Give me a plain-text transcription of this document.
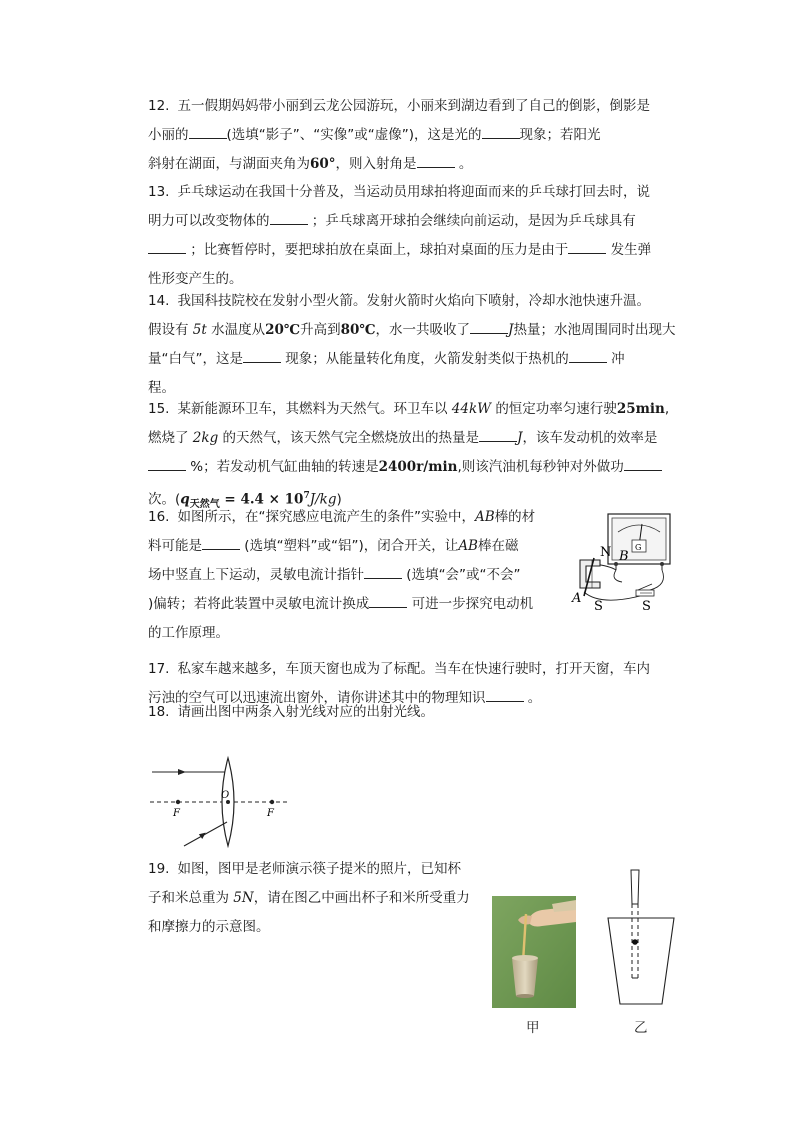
12. 五一假期妈妈带小丽到云龙公园游玩，小丽来到湖边看到了自己的倒影，倒影是

小丽的	(选填“影子”、“实像”或“虚像”)，这是光的	现象；若阳光

斜射在湖面，与湖面夹角为60°，则入射角是	。

13. 乒乓球运动在我国十分普及，当运动员用球拍将迎面而来的乒乓球打回去时，说

明力可以改变物体的	；乒乓球离开球拍会继续向前运动，是因为乒乓球具有

；比赛暂停时，要把球拍放在桌面上，球拍对桌面的压力是由于	发生弹

性形变产生的。

14. 我国科技院校在发射小型火箭。发射火箭时火焰向下喷射，冷却水池快速升温。

假设有 5t 水温度从20℃升高到80℃，水一共吸收了	J热量；水池周围同时出现大

量“白气”，这是	现象；从能量转化角度，火箭发射类似于热机的	冲

程。

15. 某新能源环卫车，其燃料为天然气。环卫车以 44kW 的恒定功率匀速行驶25min,

燃烧了 2kg 的天然气，该天然气完全燃烧放出的热量是	J，该车发动机的效率是

%；若发动机气缸曲轴的转速是2400r/min,则该汽油机每秒钟对外做功

次。$(q_{天然气} = 4.4 \times 10^7J/kg)$

16. 如图所示，在“探究感应电流产生的条件”实验中，AB棒的材

料可能是	(选填“塑料”或“铝”)，闭合开关，让AB棒在磁

场中竖直上下运动，灵敏电流计指针	(选填“会”或“不会”

)偏转；若将此装置中灵敏电流计换成	可进一步探究电动机

的工作原理。

G
N B
A
S	S

17. 私家车越来越多，车顶天窗也成为了标配。当车在快速行驶时，打开天窗，车内

污浊的空气可以迅速流出窗外，请你讲述其中的物理知识	。

18. 请画出图中两条入射光线对应的出射光线。

O
F	F

19. 如图，图甲是老师演示筷子提米的照片，已知杯

子和米总重为 5N，请在图乙中画出杯子和米所受重力

和摩擦力的示意图。

甲	乙
